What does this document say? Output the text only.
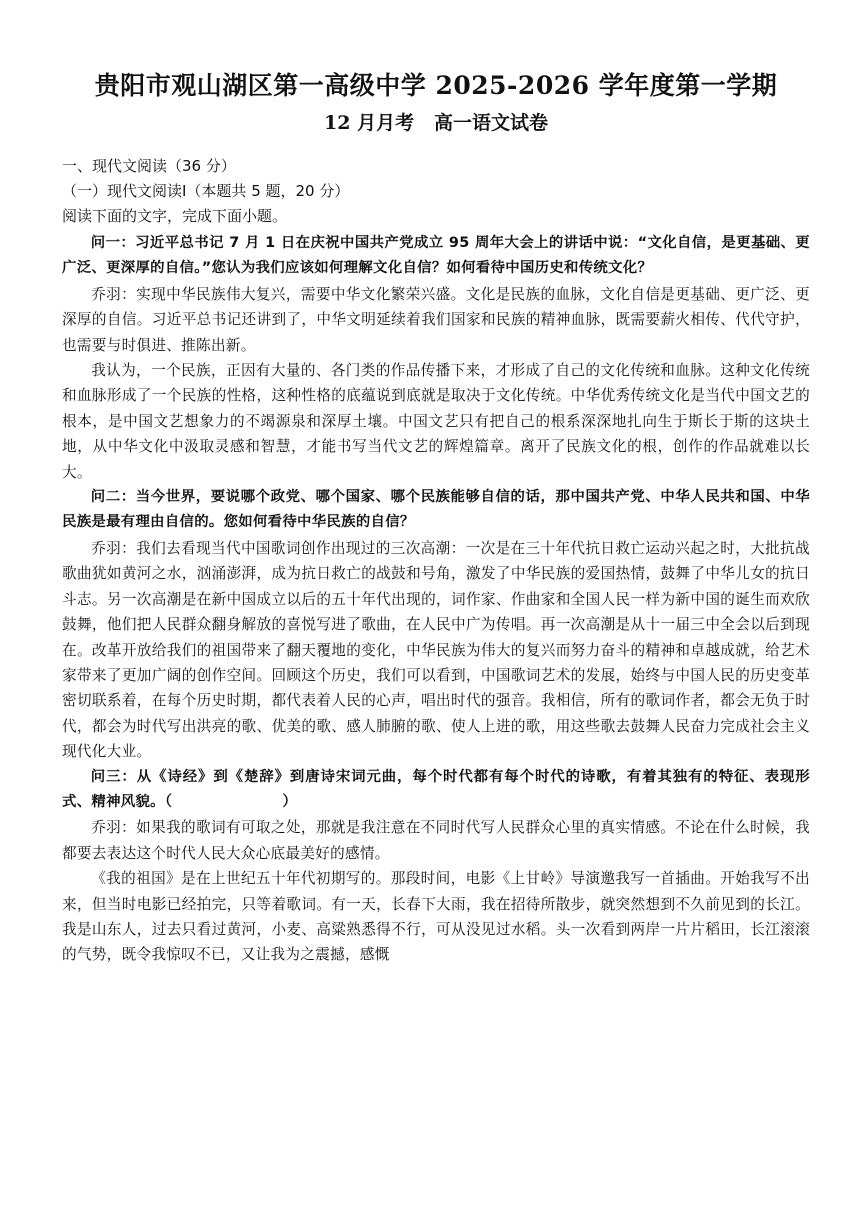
贵阳市观山湖区第一高级中学 2025-2026 学年度第一学期
12 月月考   高一语文试卷

一、现代文阅读（36 分）

（一）现代文阅读Ⅰ（本题共 5 题，20 分）

阅读下面的文字，完成下面小题。

问一：习近平总书记 7 月 1 日在庆祝中国共产党成立 95 周年大会上的讲话中说：“文化自信，是更基础、更广泛、更深厚的自信。”您认为我们应该如何理解文化自信？如何看待中国历史和传统文化？

乔羽：实现中华民族伟大复兴，需要中华文化繁荣兴盛。文化是民族的血脉，文化自信是更基础、更广泛、更深厚的自信。习近平总书记还讲到了，中华文明延续着我们国家和民族的精神血脉，既需要薪火相传、代代守护，也需要与时俱进、推陈出新。

我认为，一个民族，正因有大量的、各门类的作品传播下来，才形成了自己的文化传统和血脉。这种文化传统和血脉形成了一个民族的性格，这种性格的底蕴说到底就是取决于文化传统。中华优秀传统文化是当代中国文艺的根本，是中国文艺想象力的不竭源泉和深厚土壤。中国文艺只有把自己的根系深深地扎向生于斯长于斯的这块土地，从中华文化中汲取灵感和智慧，才能书写当代文艺的辉煌篇章。离开了民族文化的根，创作的作品就难以长大。

问二：当今世界，要说哪个政党、哪个国家、哪个民族能够自信的话，那中国共产党、中华人民共和国、中华民族是最有理由自信的。您如何看待中华民族的自信？

乔羽：我们去看现当代中国歌词创作出现过的三次高潮：一次是在三十年代抗日救亡运动兴起之时，大批抗战歌曲犹如黄河之水，汹涌澎湃，成为抗日救亡的战鼓和号角，激发了中华民族的爱国热情，鼓舞了中华儿女的抗日斗志。另一次高潮是在新中国成立以后的五十年代出现的，词作家、作曲家和全国人民一样为新中国的诞生而欢欣鼓舞，他们把人民群众翻身解放的喜悦写进了歌曲，在人民中广为传唱。再一次高潮是从十一届三中全会以后到现在。改革开放给我们的祖国带来了翻天覆地的变化，中华民族为伟大的复兴而努力奋斗的精神和卓越成就，给艺术家带来了更加广阔的创作空间。回顾这个历史，我们可以看到，中国歌词艺术的发展，始终与中国人民的历史变革密切联系着，在每个历史时期，都代表着人民的心声，唱出时代的强音。我相信，所有的歌词作者，都会无负于时代，都会为时代写出洪亮的歌、优美的歌、感人肺腑的歌、使人上进的歌，用这些歌去鼓舞人民奋力完成社会主义现代化大业。

问三：从《诗经》到《楚辞》到唐诗宋词元曲，每个时代都有每个时代的诗歌，有着其独有的特征、表现形式、精神风貌。（	）

乔羽：如果我的歌词有可取之处，那就是我注意在不同时代写人民群众心里的真实情感。不论在什么时候，我都要去表达这个时代人民大众心底最美好的感情。

《我的祖国》是在上世纪五十年代初期写的。那段时间，电影《上甘岭》导演邀我写一首插曲。开始我写不出来，但当时电影已经拍完，只等着歌词。有一天，长春下大雨，我在招待所散步，就突然想到不久前见到的长江。我是山东人，过去只看过黄河，小麦、高粱熟悉得不行，可从没见过水稻。头一次看到两岸一片片稻田，长江滚滚的气势，既令我惊叹不已，又让我为之震撼，感慨
